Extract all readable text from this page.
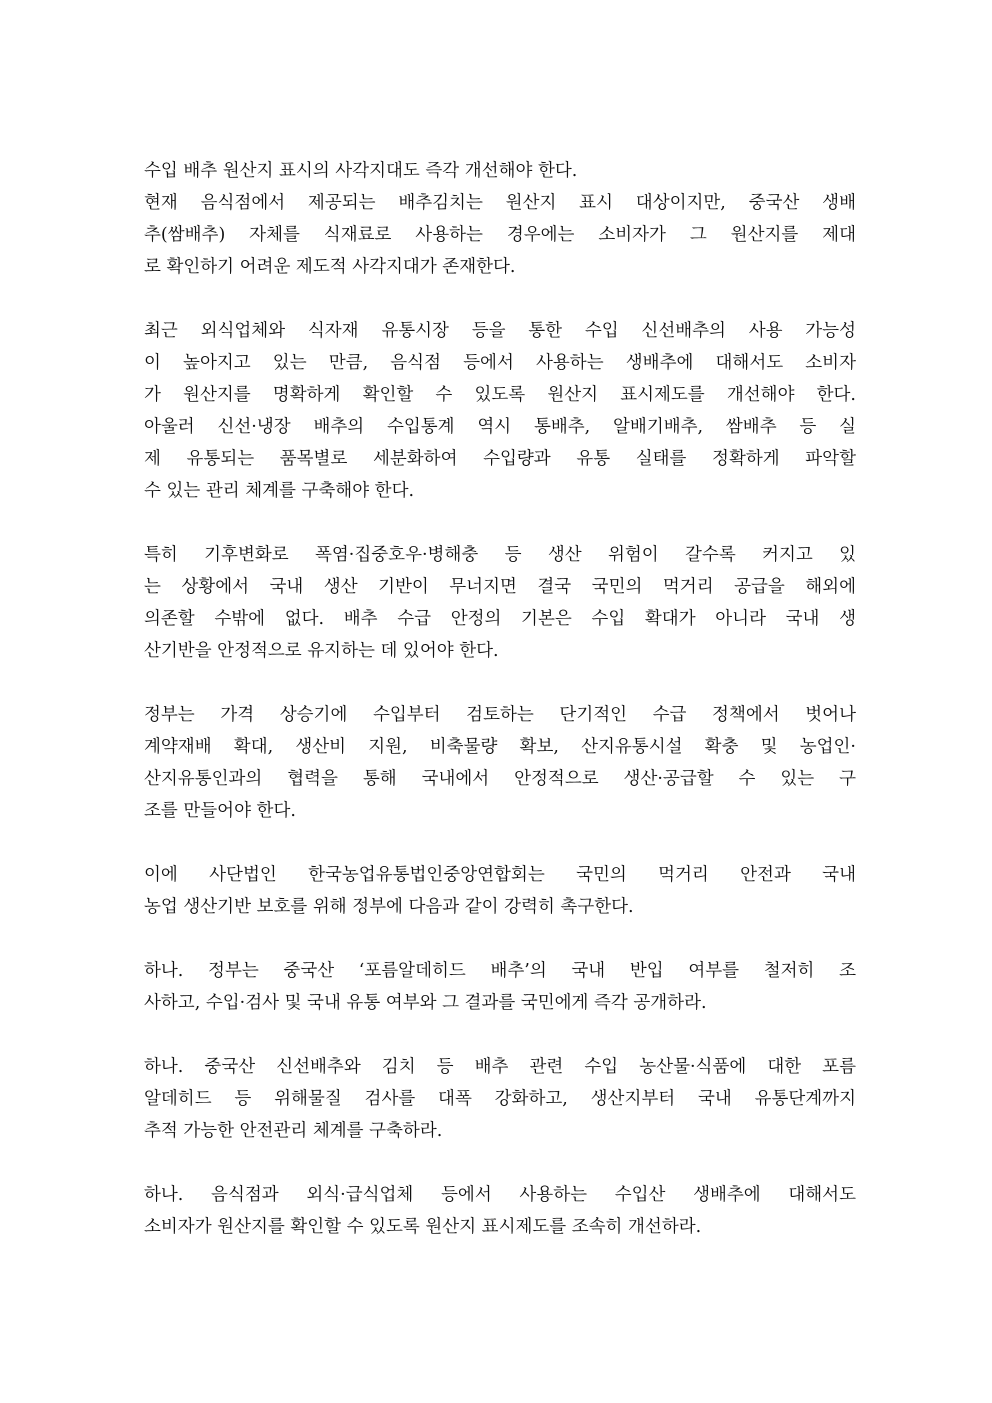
수입 배추 원산지 표시의 사각지대도 즉각 개선해야 한다.
현재 음식점에서 제공되는 배추김치는 원산지 표시 대상이지만, 중국산 생배
추(쌈배추) 자체를 식재료로 사용하는 경우에는 소비자가 그 원산지를 제대
로 확인하기 어려운 제도적 사각지대가 존재한다.
최근 외식업체와 식자재 유통시장 등을 통한 수입 신선배추의 사용 가능성
이 높아지고 있는 만큼, 음식점 등에서 사용하는 생배추에 대해서도 소비자
가 원산지를 명확하게 확인할 수 있도록 원산지 표시제도를 개선해야 한다.
아울러 신선·냉장 배추의 수입통계 역시 통배추, 알배기배추, 쌈배추 등 실
제 유통되는 품목별로 세분화하여 수입량과 유통 실태를 정확하게 파악할
수 있는 관리 체계를 구축해야 한다.
특히 기후변화로 폭염·집중호우·병해충 등 생산 위험이 갈수록 커지고 있
는 상황에서 국내 생산 기반이 무너지면 결국 국민의 먹거리 공급을 해외에
의존할 수밖에 없다. 배추 수급 안정의 기본은 수입 확대가 아니라 국내 생
산기반을 안정적으로 유지하는 데 있어야 한다.
정부는 가격 상승기에 수입부터 검토하는 단기적인 수급 정책에서 벗어나
계약재배 확대, 생산비 지원, 비축물량 확보, 산지유통시설 확충 및 농업인·
산지유통인과의 협력을 통해 국내에서 안정적으로 생산·공급할 수 있는 구
조를 만들어야 한다.
이에 사단법인 한국농업유통법인중앙연합회는 국민의 먹거리 안전과 국내
농업 생산기반 보호를 위해 정부에 다음과 같이 강력히 촉구한다.
하나. 정부는 중국산 ‘포름알데히드 배추’의 국내 반입 여부를 철저히 조
사하고, 수입·검사 및 국내 유통 여부와 그 결과를 국민에게 즉각 공개하라.
하나. 중국산 신선배추와 김치 등 배추 관련 수입 농산물·식품에 대한 포름
알데히드 등 위해물질 검사를 대폭 강화하고, 생산지부터 국내 유통단계까지
추적 가능한 안전관리 체계를 구축하라.
하나. 음식점과 외식·급식업체 등에서 사용하는 수입산 생배추에 대해서도
소비자가 원산지를 확인할 수 있도록 원산지 표시제도를 조속히 개선하라.
